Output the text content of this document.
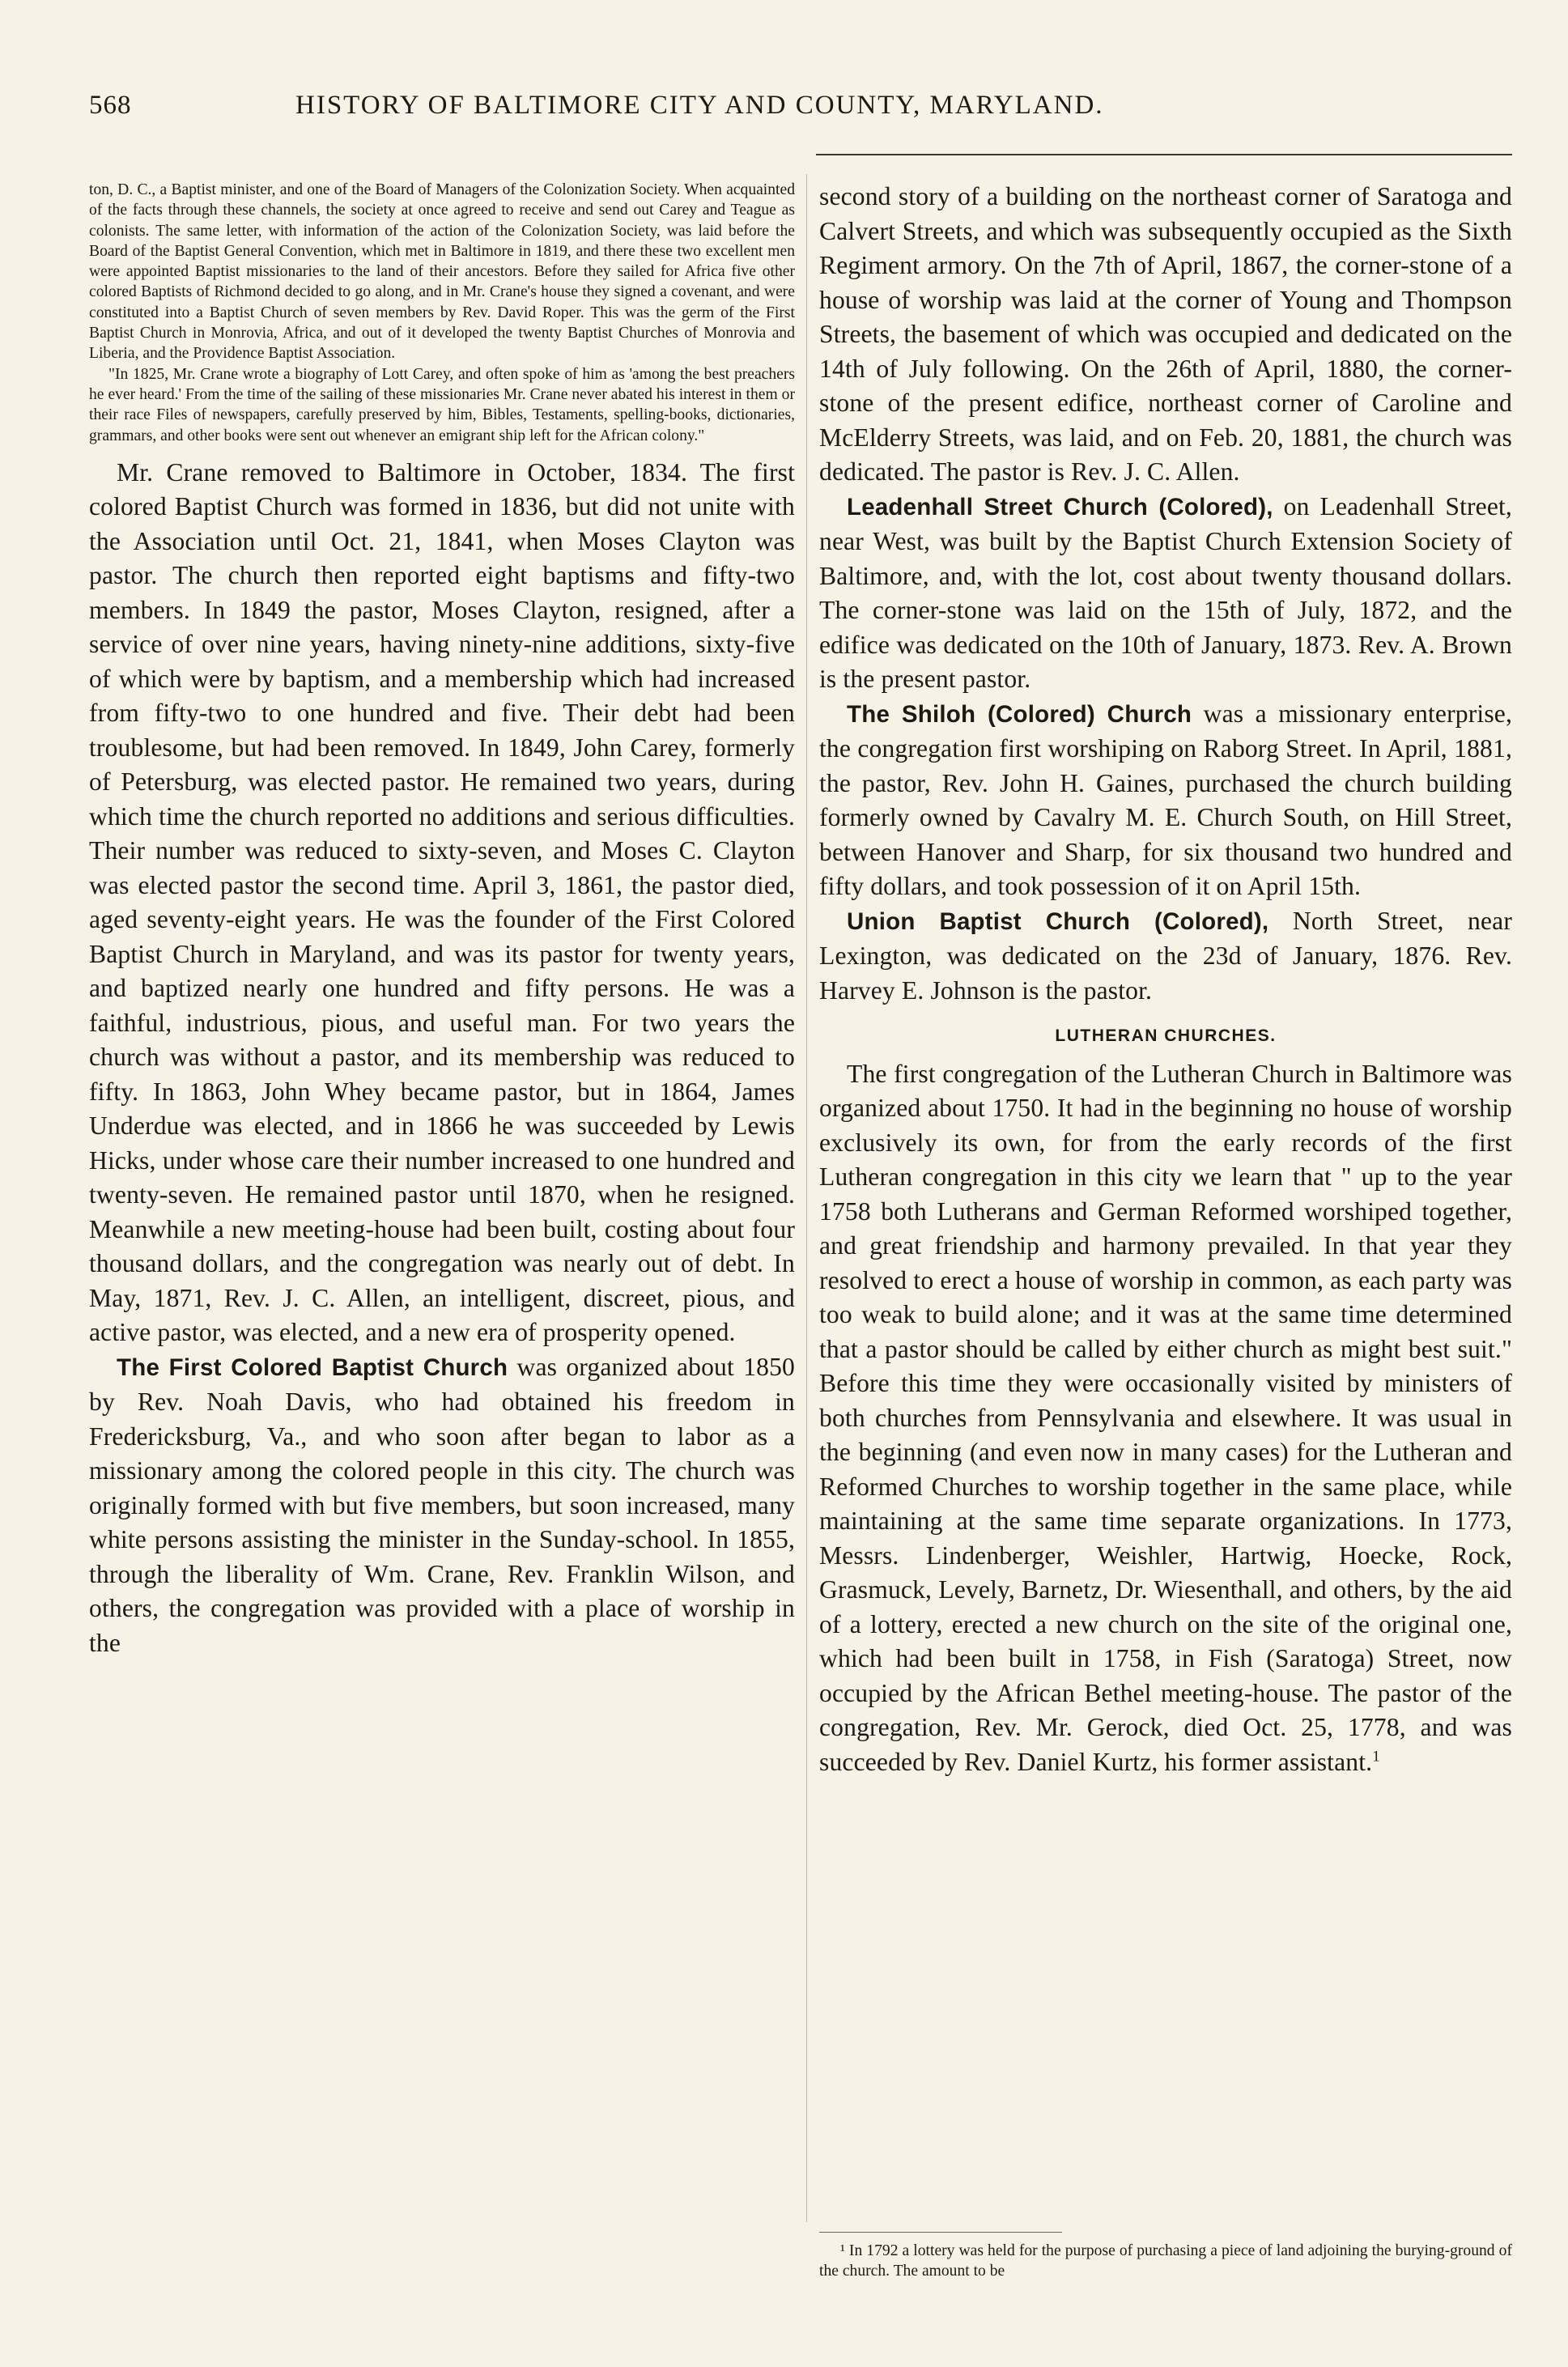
568	HISTORY OF BALTIMORE CITY AND COUNTY, MARYLAND.

ton, D. C., a Baptist minister, and one of the Board of Managers of the Colonization Society. When acquainted of the facts through these channels, the society at once agreed to receive and send out Carey and Teague as colonists. The same letter, with information of the action of the Colonization Society, was laid before the Board of the Baptist General Convention, which met in Baltimore in 1819, and there these two excellent men were appointed Baptist missionaries to the land of their ancestors. Before they sailed for Africa five other colored Baptists of Richmond decided to go along, and in Mr. Crane's house they signed a covenant, and were constituted into a Baptist Church of seven members by Rev. David Roper. This was the germ of the First Baptist Church in Monrovia, Africa, and out of it developed the twenty Baptist Churches of Monrovia and Liberia, and the Providence Baptist Association.

"In 1825, Mr. Crane wrote a biography of Lott Carey, and often spoke of him as 'among the best preachers he ever heard.' From the time of the sailing of these missionaries Mr. Crane never abated his interest in them or their race Files of newspapers, carefully preserved by him, Bibles, Testaments, spelling-books, dictionaries, grammars, and other books were sent out whenever an emigrant ship left for the African colony."

Mr. Crane removed to Baltimore in October, 1834. The first colored Baptist Church was formed in 1836, but did not unite with the Association until Oct. 21, 1841, when Moses Clayton was pastor. The church then reported eight baptisms and fifty-two members. In 1849 the pastor, Moses Clayton, resigned, after a service of over nine years, having ninety-nine additions, sixty-five of which were by baptism, and a membership which had increased from fifty-two to one hundred and five. Their debt had been troublesome, but had been removed. In 1849, John Carey, formerly of Petersburg, was elected pastor. He remained two years, during which time the church reported no additions and serious difficulties. Their number was reduced to sixty-seven, and Moses C. Clayton was elected pastor the second time. April 3, 1861, the pastor died, aged seventy-eight years. He was the founder of the First Colored Baptist Church in Maryland, and was its pastor for twenty years, and baptized nearly one hundred and fifty persons. He was a faithful, industrious, pious, and useful man. For two years the church was without a pastor, and its membership was reduced to fifty. In 1863, John Whey became pastor, but in 1864, James Underdue was elected, and in 1866 he was succeeded by Lewis Hicks, under whose care their number increased to one hundred and twenty-seven. He remained pastor until 1870, when he resigned. Meanwhile a new meeting-house had been built, costing about four thousand dollars, and the congregation was nearly out of debt. In May, 1871, Rev. J. C. Allen, an intelligent, discreet, pious, and active pastor, was elected, and a new era of prosperity opened.

The First Colored Baptist Church was organized about 1850 by Rev. Noah Davis, who had obtained his freedom in Fredericksburg, Va., and who soon after began to labor as a missionary among the colored people in this city. The church was originally formed with but five members, but soon increased, many white persons assisting the minister in the Sunday-school. In 1855, through the liberality of Wm. Crane, Rev. Franklin Wilson, and others, the congregation was provided with a place of worship in the

second story of a building on the northeast corner of Saratoga and Calvert Streets, and which was subsequently occupied as the Sixth Regiment armory. On the 7th of April, 1867, the corner-stone of a house of worship was laid at the corner of Young and Thompson Streets, the basement of which was occupied and dedicated on the 14th of July following. On the 26th of April, 1880, the corner-stone of the present edifice, northeast corner of Caroline and McElderry Streets, was laid, and on Feb. 20, 1881, the church was dedicated. The pastor is Rev. J. C. Allen.

Leadenhall Street Church (Colored), on Leadenhall Street, near West, was built by the Baptist Church Extension Society of Baltimore, and, with the lot, cost about twenty thousand dollars. The corner-stone was laid on the 15th of July, 1872, and the edifice was dedicated on the 10th of January, 1873. Rev. A. Brown is the present pastor.

The Shiloh (Colored) Church was a missionary enterprise, the congregation first worshiping on Raborg Street. In April, 1881, the pastor, Rev. John H. Gaines, purchased the church building formerly owned by Cavalry M. E. Church South, on Hill Street, between Hanover and Sharp, for six thousand two hundred and fifty dollars, and took possession of it on April 15th.

Union Baptist Church (Colored), North Street, near Lexington, was dedicated on the 23d of January, 1876. Rev. Harvey E. Johnson is the pastor.

LUTHERAN CHURCHES.

The first congregation of the Lutheran Church in Baltimore was organized about 1750. It had in the beginning no house of worship exclusively its own, for from the early records of the first Lutheran congregation in this city we learn that " up to the year 1758 both Lutherans and German Reformed worshiped together, and great friendship and harmony prevailed. In that year they resolved to erect a house of worship in common, as each party was too weak to build alone; and it was at the same time determined that a pastor should be called by either church as might best suit." Before this time they were occasionally visited by ministers of both churches from Pennsylvania and elsewhere. It was usual in the beginning (and even now in many cases) for the Lutheran and Reformed Churches to worship together in the same place, while maintaining at the same time separate organizations. In 1773, Messrs. Lindenberger, Weishler, Hartwig, Hoecke, Rock, Grasmuck, Levely, Barnetz, Dr. Wiesenthall, and others, by the aid of a lottery, erected a new church on the site of the original one, which had been built in 1758, in Fish (Saratoga) Street, now occupied by the African Bethel meeting-house. The pastor of the congregation, Rev. Mr. Gerock, died Oct. 25, 1778, and was succeeded by Rev. Daniel Kurtz, his former assistant.$^1$

¹ In 1792 a lottery was held for the purpose of purchasing a piece of land adjoining the burying-ground of the church. The amount to be
